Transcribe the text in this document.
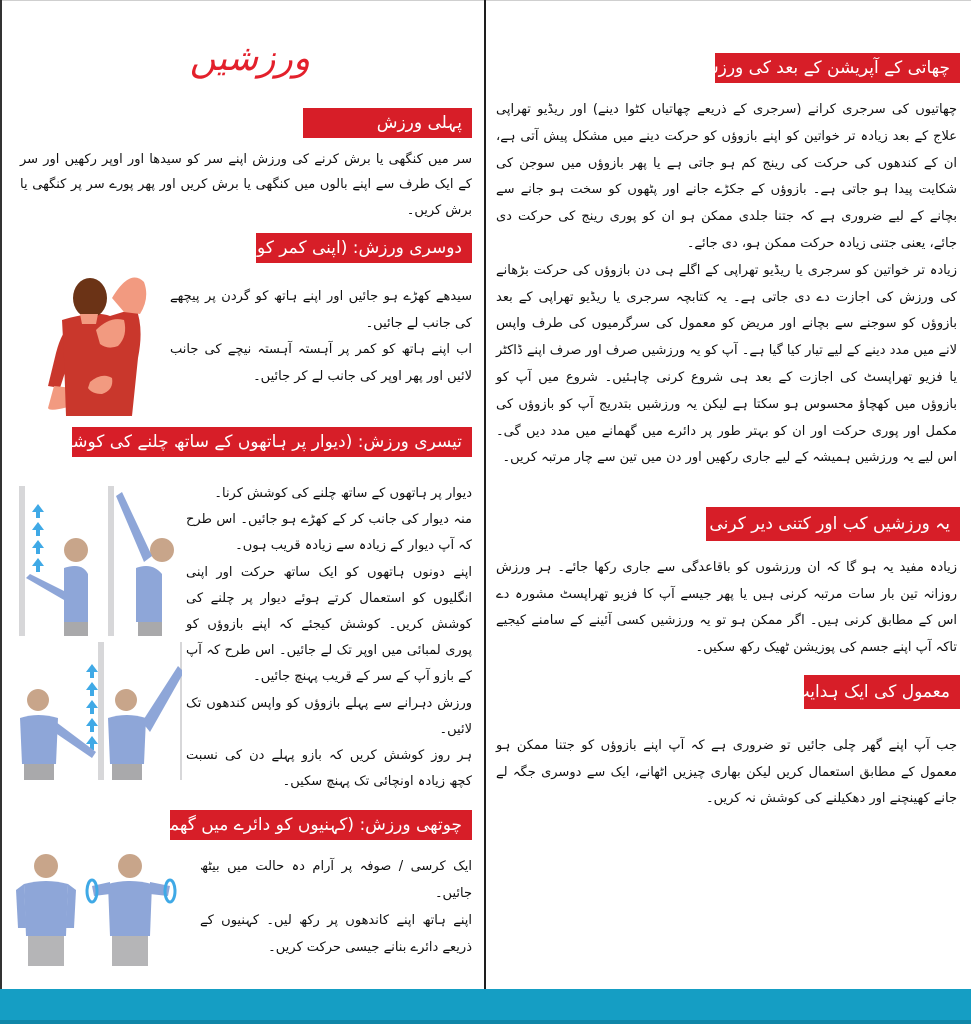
ورزشیں
پہلی ورزش

سر میں کنگھی یا برش کرنے کی ورزش اپنے سر کو سیدھا اور اوپر رکھیں اور سر کے ایک طرف سے اپنے بالوں میں کنگھی یا برش کریں اور پھر پورے سر پر کنگھی یا برش کریں۔

دوسری ورزش: (اپنی کمر کو کھجانا)

سیدھے کھڑے ہو جائیں اور اپنے ہاتھ کو گردن پر پیچھے کی جانب لے جائیں۔

اب اپنے ہاتھ کو کمر پر آہستہ آہستہ نیچے کی جانب لائیں اور پھر اوپر کی جانب لے کر جائیں۔

تیسری ورزش: (دیوار پر ہاتھوں کے ساتھ چلنے کی کوشش کرنا)

دیوار پر ہاتھوں کے ساتھ چلنے کی کوشش کرنا۔

منہ دیوار کی جانب کر کے کھڑے ہو جائیں۔ اس طرح کہ آپ دیوار کے زیادہ سے زیادہ قریب ہوں۔

اپنے دونوں ہاتھوں کو ایک ساتھ حرکت اور اپنی انگلیوں کو استعمال کرتے ہوئے دیوار پر چلنے کی کوشش کریں۔ کوشش کیجئے کہ اپنے بازوؤں کو پوری لمبائی میں اوپر تک لے جائیں۔ اس طرح کہ آپ کے بازو آپ کے سر کے قریب پہنچ جائیں۔

ورزش دہرانے سے پہلے بازوؤں کو واپس کندھوں تک لائیں۔

ہر روز کوشش کریں کہ بازو پہلے دن کی نسبت کچھ زیادہ اونچائی تک پہنچ سکیں۔

چوتھی ورزش: (کہنیوں کو دائرے میں گھمانا)

ایک کرسی / صوفہ پر آرام دہ حالت میں بیٹھ جائیں۔

اپنے ہاتھ اپنے کاندھوں پر رکھ لیں۔ کہنیوں کے ذریعے دائرے بنانے جیسی حرکت کریں۔

چھاتی کے آپریشن کے بعد کی ورزشیں

چھاتیوں کی سرجری کرانے (سرجری کے ذریعے چھاتیاں کٹوا دینے) اور ریڈیو تھراپی علاج کے بعد زیادہ تر خواتین کو اپنے بازوؤں کو حرکت دینے میں مشکل پیش آتی ہے، ان کے کندھوں کی حرکت کی رینج کم ہو جاتی ہے یا پھر بازوؤں میں سوجن کی شکایت پیدا ہو جاتی ہے۔ بازوؤں کے جکڑے جانے اور پٹھوں کو سخت ہو جانے سے بچانے کے لیے ضروری ہے کہ جتنا جلدی ممکن ہو ان کو پوری رینج کی حرکت دی جائے، یعنی جتنی زیادہ حرکت ممکن ہو، دی جائے۔

زیادہ تر خواتین کو سرجری یا ریڈیو تھراپی کے اگلے ہی دن بازوؤں کی حرکت بڑھانے کی ورزش کی اجازت دے دی جاتی ہے۔ یہ کتابچہ سرجری یا ریڈیو تھراپی کے بعد بازوؤں کو سوجنے سے بچانے اور مریض کو معمول کی سرگرمیوں کی طرف واپس لانے میں مدد دینے کے لیے تیار کیا گیا ہے۔ آپ کو یہ ورزشیں صرف اور صرف اپنے ڈاکٹر یا فزیو تھراپسٹ کی اجازت کے بعد ہی شروع کرنی چاہئیں۔ شروع میں آپ کو بازوؤں میں کھچاؤ محسوس ہو سکتا ہے لیکن یہ ورزشیں بتدریج آپ کو بازوؤں کی مکمل اور پوری حرکت اور ان کو بہتر طور پر دائرے میں گھمانے میں مدد دیں گی۔ اس لیے یہ ورزشیں ہمیشہ کے لیے جاری رکھیں اور دن میں تین سے چار مرتبہ کریں۔

یہ ورزشیں کب اور کتنی دیر کرنی چاہئیں

زیادہ مفید یہ ہو گا کہ ان ورزشوں کو باقاعدگی سے جاری رکھا جائے۔ ہر ورزش روزانہ تین بار سات مرتبہ کرنی ہیں یا پھر جیسے آپ کا فزیو تھراپسٹ مشورہ دے اس کے مطابق کرنی ہیں۔ اگر ممکن ہو تو یہ ورزشیں کسی آئینے کے سامنے کیجیے تاکہ آپ اپنے جسم کی پوزیشن ٹھیک رکھ سکیں۔

معمول کی ایک ہدایت

جب آپ اپنے گھر چلی جائیں تو ضروری ہے کہ آپ اپنے بازوؤں کو جتنا ممکن ہو معمول کے مطابق استعمال کریں لیکن بھاری چیزیں اٹھانے، ایک سے دوسری جگہ لے جانے کھینچنے اور دھکیلنے کی کوشش نہ کریں۔
